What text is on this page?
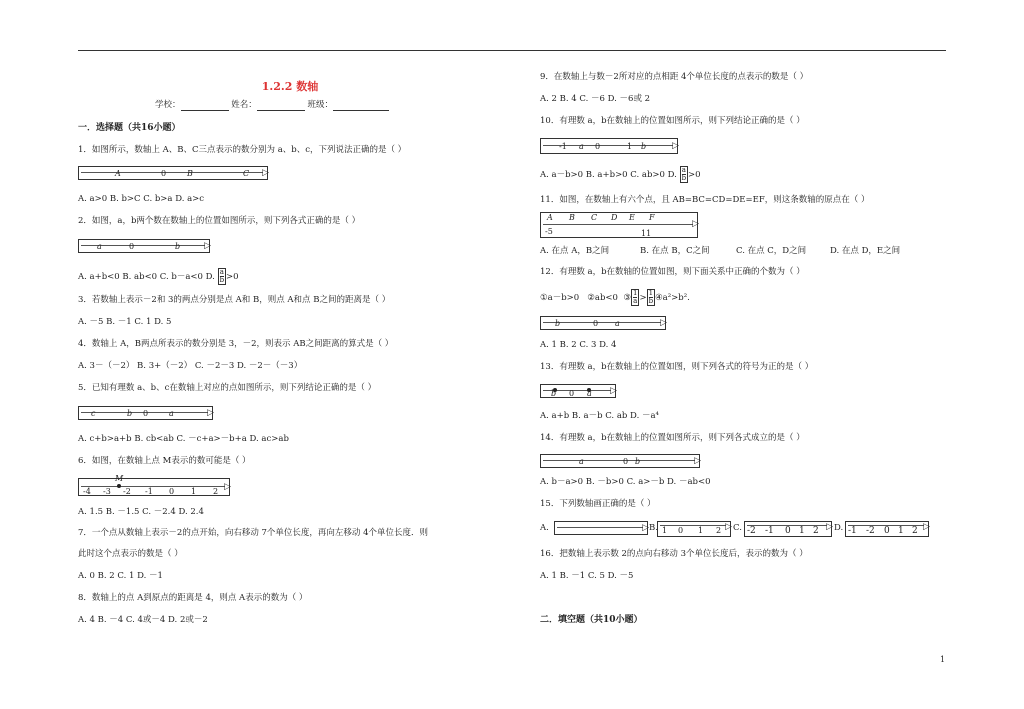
1.2.2 数轴
学校：	姓名：	班级：
一．选择题（共16小题）
1．如图所示，数轴上 A、B、C三点表示的数分别为 a、b、c，下列说法正确的是（ ）
▷
A	0	B	C
A. a>0 B. b>C C. b>a D. a>c
2．如图，a，b两个数在数轴上的位置如图所示，则下列各式正确的是（ ）
▷
a	0	b
A. a+b<0 B. ab<0 C. b－a<0 D. $\frac{a}{b} >0$
3．若数轴上表示－2和 3的两点分别是点 A和 B，则点 A和点 B之间的距离是（ ）
A. －5 B. －1 C. 1 D. 5
4．数轴上 A，B两点所表示的数分别是 3，－2，则表示 AB之间距离的算式是（ ）
A. 3－（－2） B. 3+（－2） C. －2－3 D. －2－（－3）
5．已知有理数 a、b、c在数轴上对应的点如图所示，则下列结论正确的是（ ）
▷
c	b 0	a
A. c+b>a+b B. cb<ab C. －c+a>－b+a D. ac>ab
6．如图，在数轴上点 M表示的数可能是（ ）
▷
M
-4 -3 -2 -1 0 1 2
A. 1.5 B. －1.5 C. －2.4 D. 2.4
7．一个点从数轴上表示－2的点开始，向右移动 7个单位长度，再向左移动 4个单位长度．则
此时这个点表示的数是（ ）
A. 0 B. 2 C. 1 D. －1
8．数轴上的点 A到原点的距离是 4，则点 A表示的数为（ ）
A. 4 B. －4 C. 4或－4 D. 2或－2
9．在数轴上与数－2所对应的点相距 4个单位长度的点表示的数是（ ）
A. 2 B. 4 C. －6 D. －6或 2
10．有理数 a，b在数轴上的位置如图所示，则下列结论正确的是（ ）
▷
-1 a 0	1 b
A. a－b>0 B. a+b>0 C. ab>0 D. $\frac{a}{b} >0$
11．如图，在数轴上有六个点，且 AB=BC=CD=DE=EF，则这条数轴的原点在（ ）
▷
A B C D E F
-5	11
A. 在点 A，B之间	B. 在点 B，C之间	C. 在点 C，D之间	D. 在点 D，E之间
12．有理数 a，b在数轴的位置如图，则下面关系中正确的个数为（ ）
①a－b>0 ②ab<0 $③\frac{1}{a} >\frac{1}{b}$ ④a²>b².
▷
b	0 a
A. 1 B. 2 C. 3 D. 4
13．有理数 a，b在数轴上的位置如图，则下列各式的符号为正的是（ ）
▷
b 0 a
A. a+b B. a－b C. ab D. －a⁴
14．有理数 a，b在数轴上的位置如图所示，则下列各式成立的是（ ）
▷
a	0 b
A. b－a>0 B. －b>0 C. a>－b D. －ab<0
15．下列数轴画正确的是（ ）
A.	▷ B.	▷
1 0 1 2 C.	▷
-2 -1 0 1 2 D.	▷
-1 -2 0 1 2
16．把数轴上表示数 2的点向右移动 3个单位长度后，表示的数为（ ）
A. 1 B. －1 C. 5 D. －5
二．填空题（共10小题）
1
